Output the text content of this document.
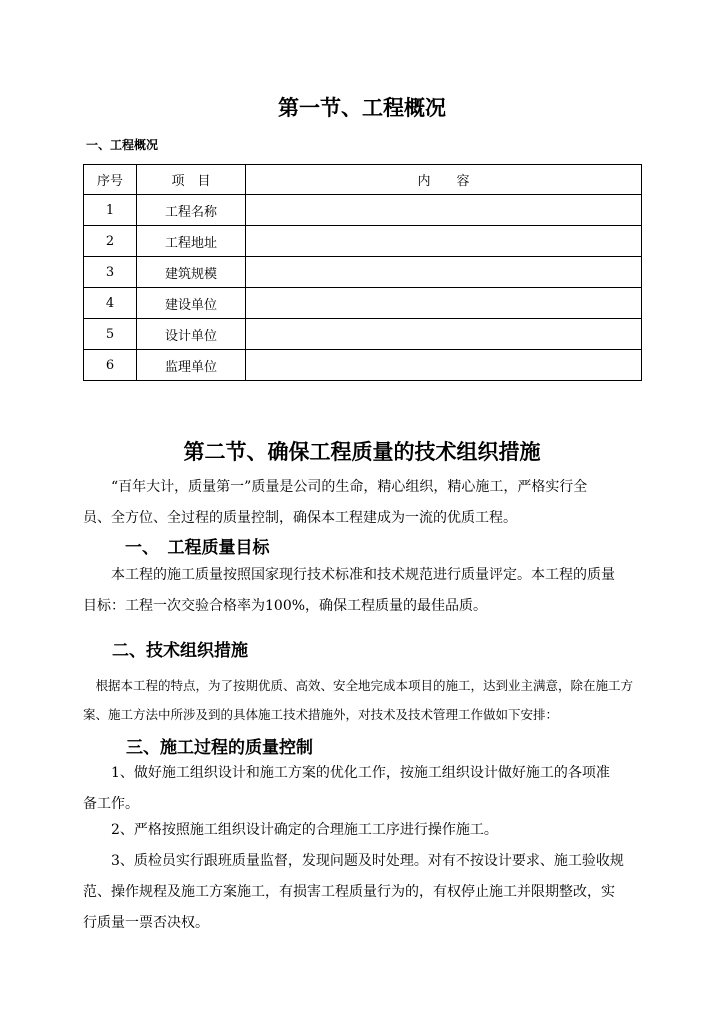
第一节、工程概况
一、工程概况
序号	项　目	内　　容
1	工程名称	
2	工程地址	
3	建筑规模	
4	建设单位	
5	设计单位	
6	监理单位	
第二节、确保工程质量的技术组织措施
　　“百年大计，质量第一”质量是公司的生命，精心组织，精心施工，严格实行全
员、全方位、全过程的质量控制，确保本工程建成为一流的优质工程。
一、　工程质量目标
　　本工程的施工质量按照国家现行技术标准和技术规范进行质量评定。本工程的质量
目标：工程一次交验合格率为100%，确保工程质量的最佳品质。
二、技术组织措施
　根据本工程的特点，为了按期优质、高效、安全地完成本项目的施工，达到业主满意，除在施工方
案、施工方法中所涉及到的具体施工技术措施外，对技术及技术管理工作做如下安排：
三、施工过程的质量控制
　　1、做好施工组织设计和施工方案的优化工作，按施工组织设计做好施工的各项准
备工作。
　　2、严格按照施工组织设计确定的合理施工工序进行操作施工。
　　3、质检员实行跟班质量监督，发现问题及时处理。对有不按设计要求、施工验收规
范、操作规程及施工方案施工，有损害工程质量行为的，有权停止施工并限期整改，实
行质量一票否决权。
